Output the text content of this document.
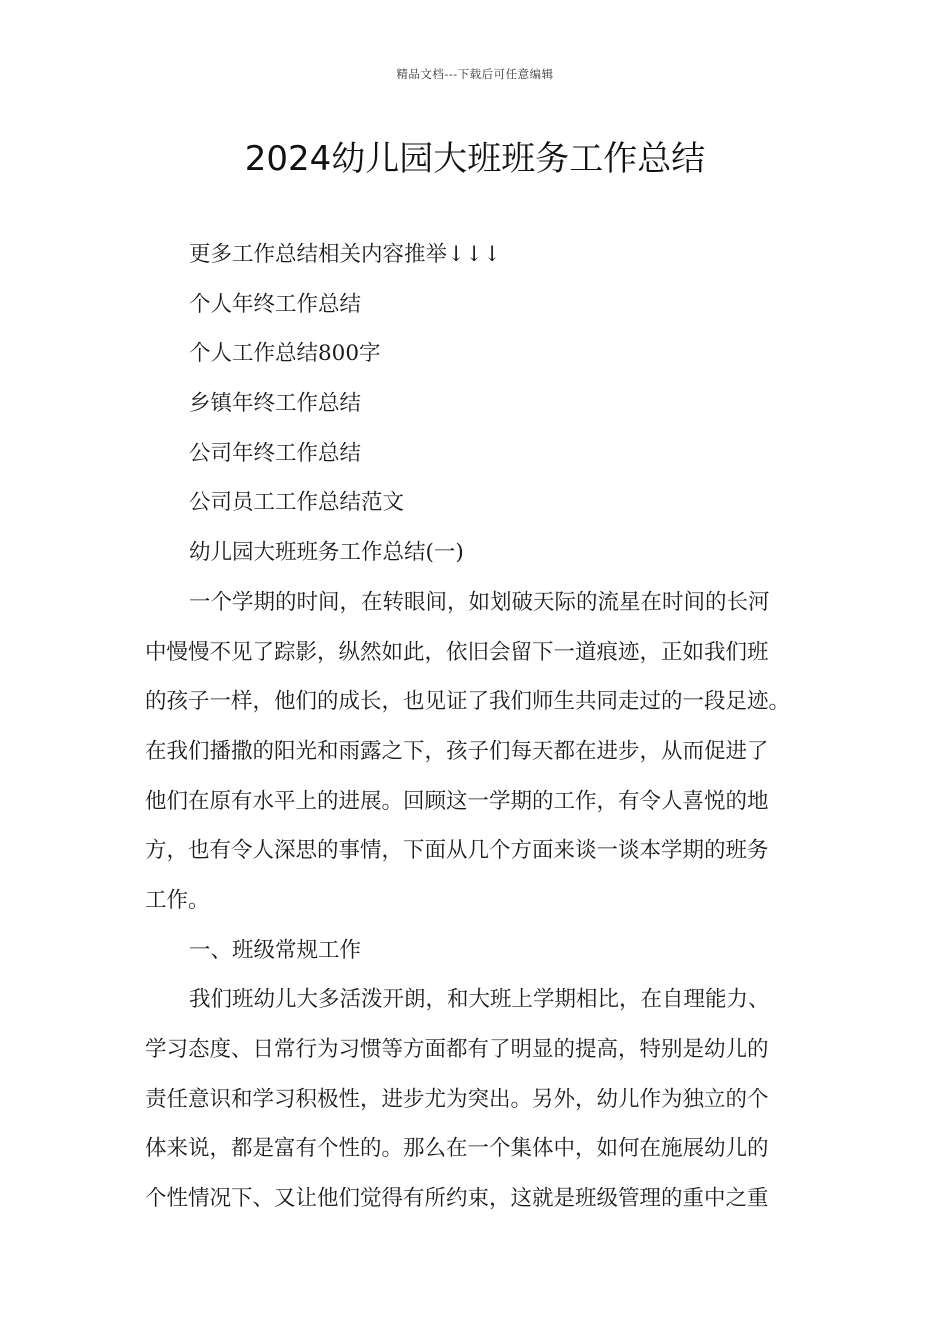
精品文档---下载后可任意编辑
2024幼儿园大班班务工作总结

更多工作总结相关内容推举↓↓↓

个人年终工作总结

个人工作总结800字

乡镇年终工作总结

公司年终工作总结

公司员工工作总结范文

幼儿园大班班务工作总结(一)

一个学期的时间，在转眼间，如划破天际的流星在时间的长河

中慢慢不见了踪影，纵然如此，依旧会留下一道痕迹，正如我们班

的孩子一样，他们的成长，也见证了我们师生共同走过的一段足迹。

在我们播撒的阳光和雨露之下，孩子们每天都在进步，从而促进了

他们在原有水平上的进展。回顾这一学期的工作，有令人喜悦的地

方，也有令人深思的事情，下面从几个方面来谈一谈本学期的班务

工作。

一、班级常规工作

我们班幼儿大多活泼开朗，和大班上学期相比，在自理能力、

学习态度、日常行为习惯等方面都有了明显的提高，特别是幼儿的

责任意识和学习积极性，进步尤为突出。另外，幼儿作为独立的个

体来说，都是富有个性的。那么在一个集体中，如何在施展幼儿的

个性情况下、又让他们觉得有所约束，这就是班级管理的重中之重
